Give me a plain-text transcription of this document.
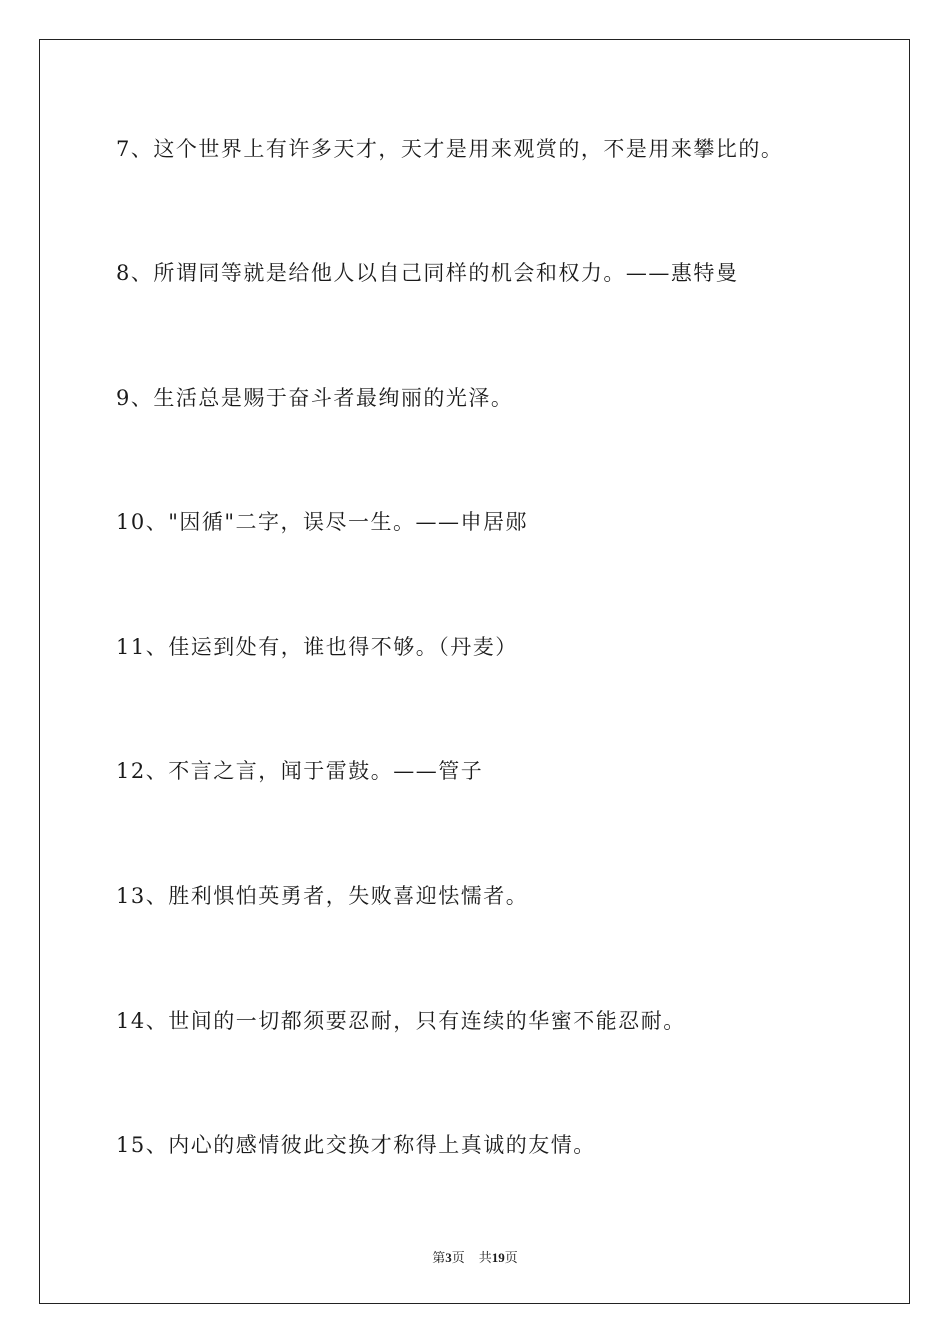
7、这个世界上有许多天才，天才是用来观赏的，不是用来攀比的。
8、所谓同等就是给他人以自己同样的机会和权力。——惠特曼
9、生活总是赐于奋斗者最绚丽的光泽。
10、"因循"二字，误尽一生。——申居郧
11、佳运到处有，谁也得不够。（丹麦）
12、不言之言，闻于雷鼓。——管子
13、胜利惧怕英勇者，失败喜迎怯懦者。
14、世间的一切都须要忍耐，只有连续的华蜜不能忍耐。
15、内心的感情彼此交换才称得上真诚的友情。
第3页 共19页
